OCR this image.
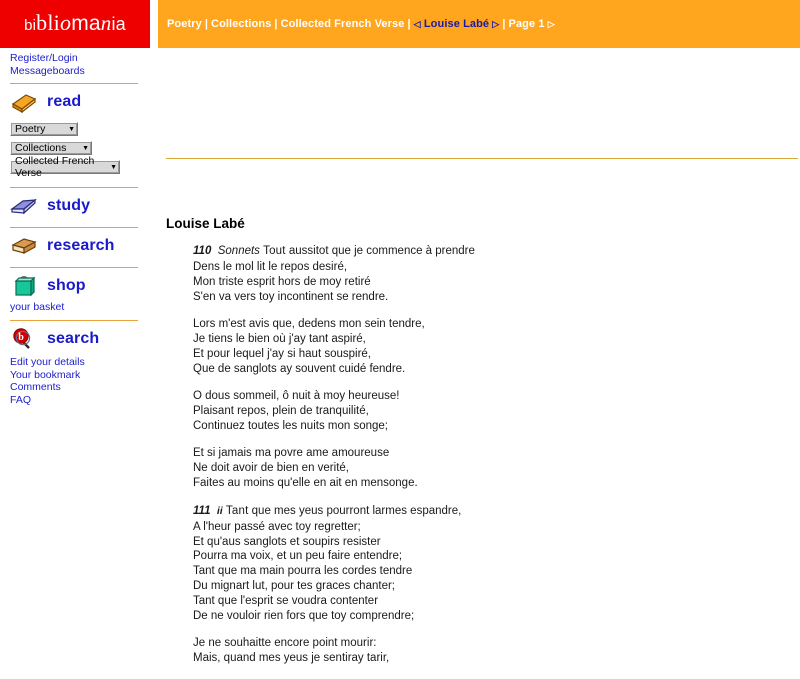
bibliomania	Poetry | Collections | Collected French Verse | ◁ Louise Labé ▷ | Page 1 ▷
Register/Login
Messageboards
read
Poetry	▼
Collections	▼
Collected French Verse	▼
study
research
shop
your basket
b search
Edit your details
Your bookmark
Comments
FAQ
Louise Labé
110 Sonnets Tout aussitot que je commence à prendre
Dens le mol lit le repos desiré,
Mon triste esprit hors de moy retiré
S'en va vers toy incontinent se rendre.
Lors m'est avis que, dedens mon sein tendre,
Je tiens le bien où j'ay tant aspiré,
Et pour lequel j'ay si haut souspiré,
Que de sanglots ay souvent cuidé fendre.
O dous sommeil, ô nuit à moy heureuse!
Plaisant repos, plein de tranquilité,
Continuez toutes les nuits mon songe;
Et si jamais ma povre ame amoureuse
Ne doit avoir de bien en verité,
Faites au moins qu'elle en ait en mensonge.
111 ii Tant que mes yeus pourront larmes espandre,
A l'heur passé avec toy regretter;
Et qu'aus sanglots et soupirs resister
Pourra ma voix, et un peu faire entendre;
Tant que ma main pourra les cordes tendre
Du mignart lut, pour tes graces chanter;
Tant que l'esprit se voudra contenter
De ne vouloir rien fors que toy comprendre;
Je ne souhaitte encore point mourir:
Mais, quand mes yeus je sentiray tarir,
